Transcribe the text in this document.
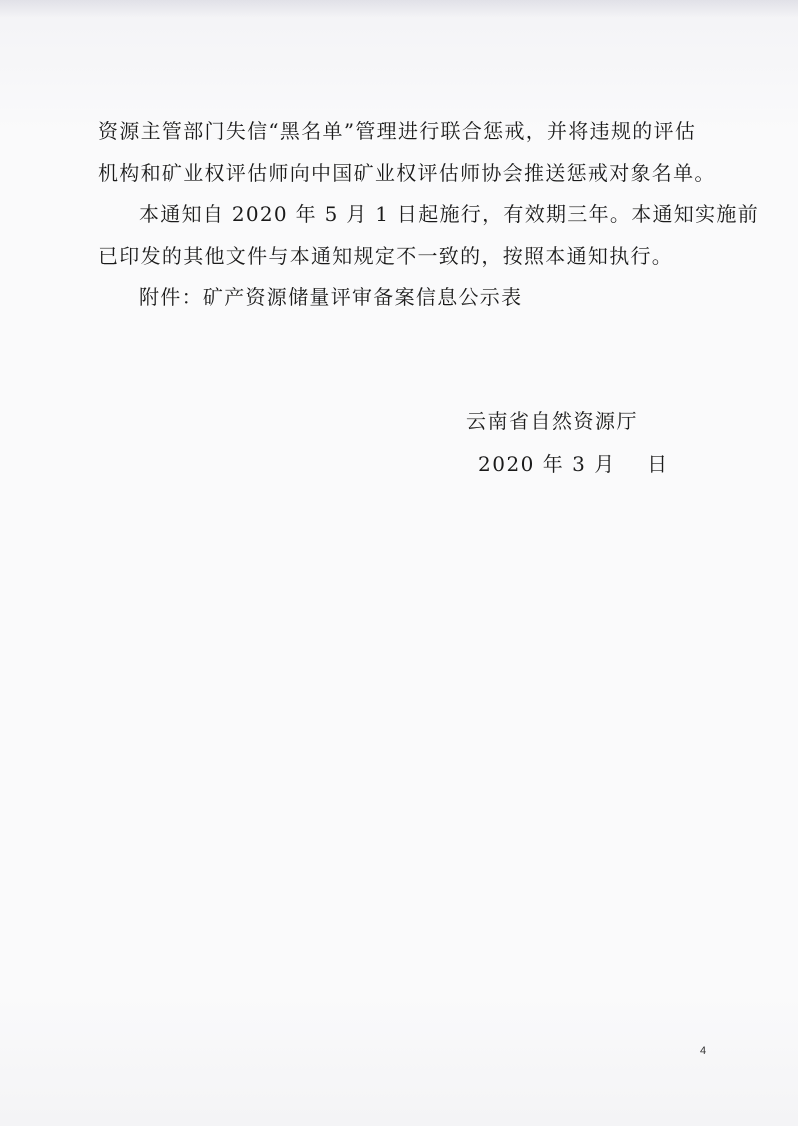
资源主管部门失信“黑名单”管理进行联合惩戒，并将违规的评估

机构和矿业权评估师向中国矿业权评估师协会推送惩戒对象名单。

本通知自 2020 年 5 月 1 日起施行，有效期三年。本通知实施前

已印发的其他文件与本通知规定不一致的，按照本通知执行。

附件：矿产资源储量评审备案信息公示表

云南省自然资源厅

2020 年 3 月    日

4
